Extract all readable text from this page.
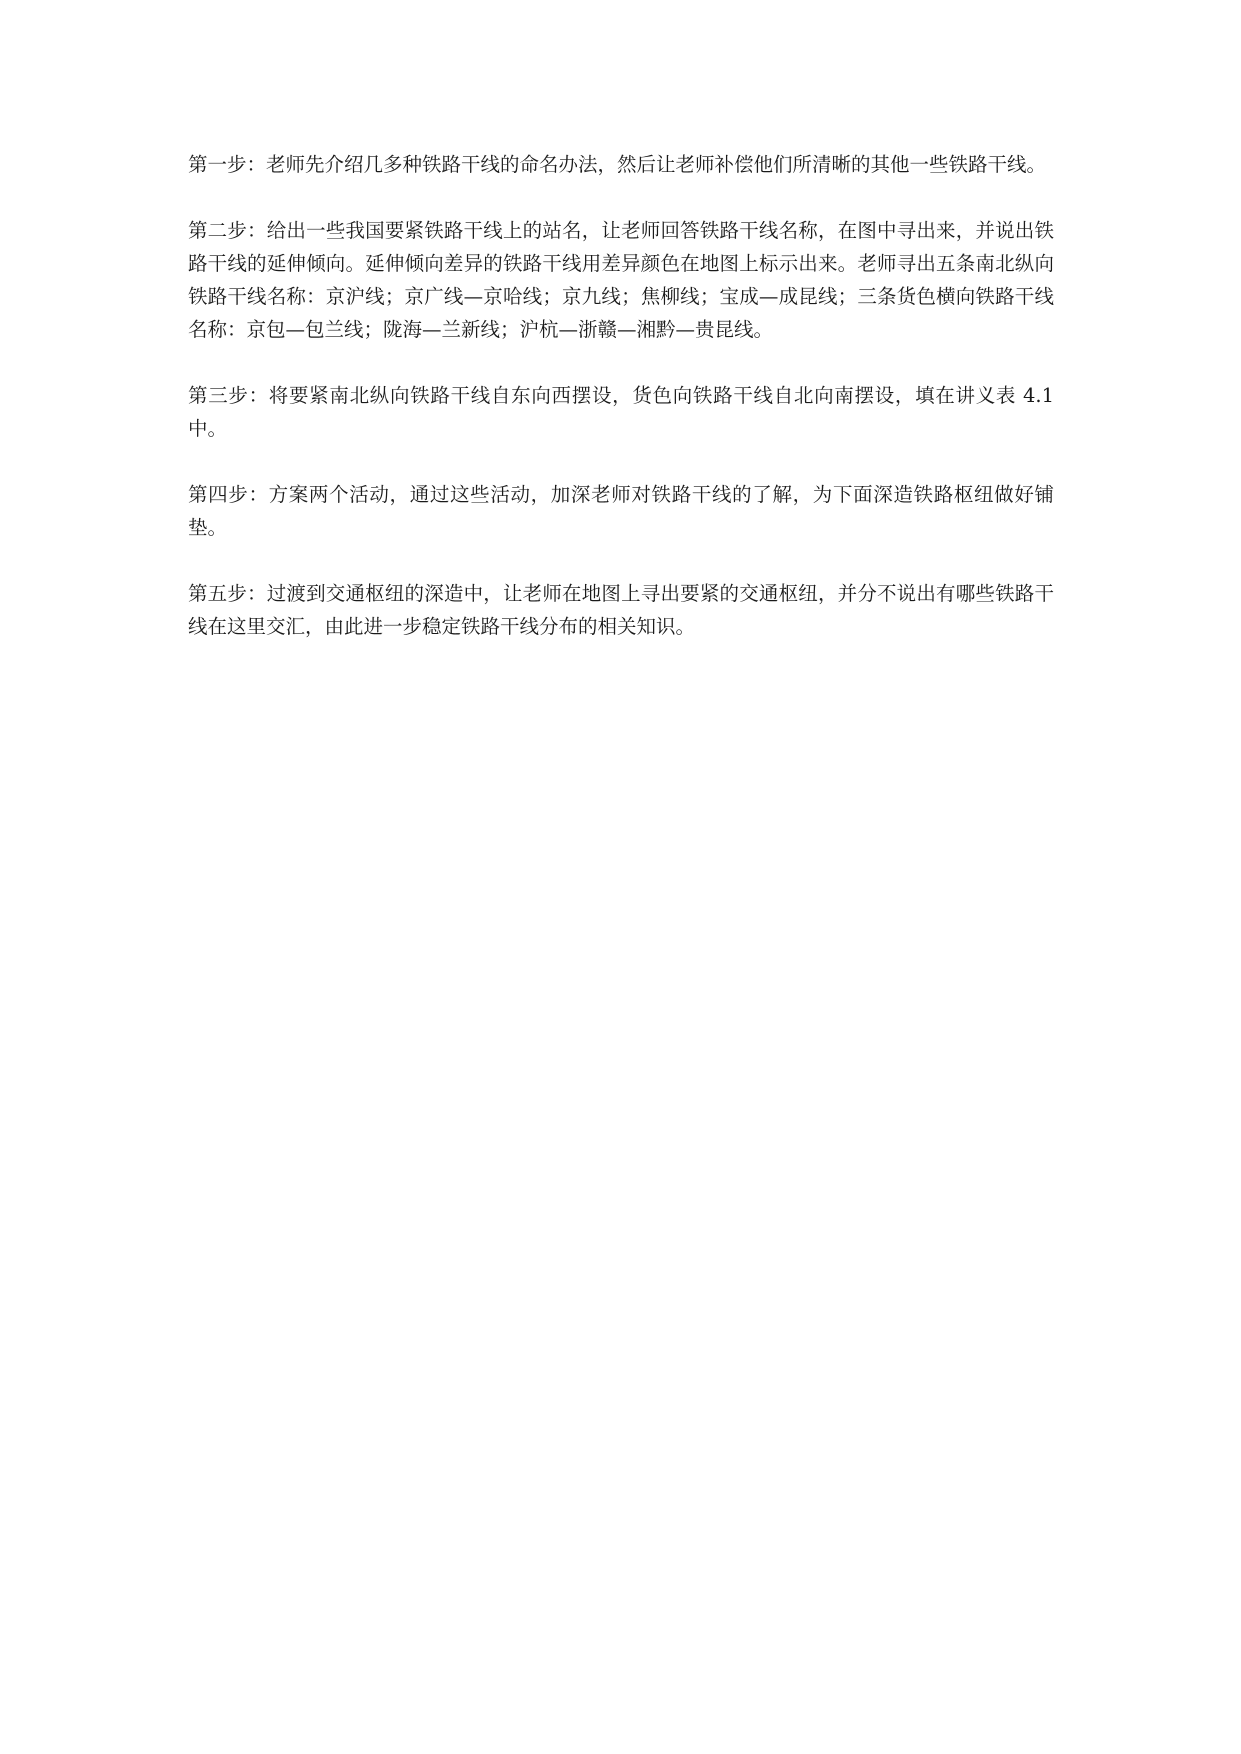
第一步：老师先介绍几多种铁路干线的命名办法，然后让老师补偿他们所清晰的其他一些铁路干线。

第二步：给出一些我国要紧铁路干线上的站名，让老师回答铁路干线名称，在图中寻出来，并说出铁路干线的延伸倾向。延伸倾向差异的铁路干线用差异颜色在地图上标示出来。老师寻出五条南北纵向铁路干线名称：京沪线；京广线—京哈线；京九线；焦柳线；宝成—成昆线；三条货色横向铁路干线名称：京包—包兰线；陇海—兰新线；沪杭—浙赣—湘黔—贵昆线。

第三步：将要紧南北纵向铁路干线自东向西摆设，货色向铁路干线自北向南摆设，填在讲义表 4.1 中。

第四步：方案两个活动，通过这些活动，加深老师对铁路干线的了解，为下面深造铁路枢纽做好铺垫。

第五步：过渡到交通枢纽的深造中，让老师在地图上寻出要紧的交通枢纽，并分不说出有哪些铁路干线在这里交汇，由此进一步稳定铁路干线分布的相关知识。
